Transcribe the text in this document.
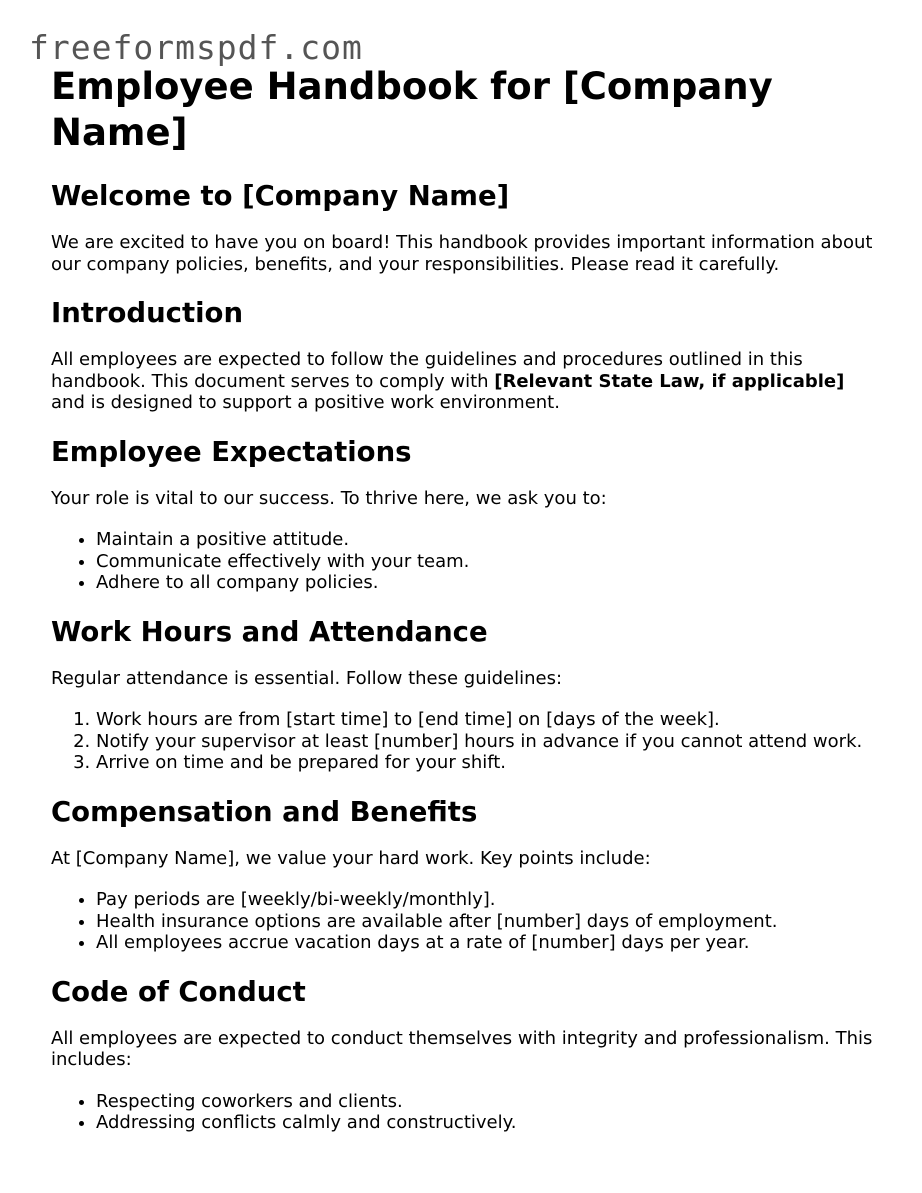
freeformspdf.com
Employee Handbook for [Company Name]
Welcome to [Company Name]

We are excited to have you on board! This handbook provides important information about our company policies, benefits, and your responsibilities. Please read it carefully.

Introduction

All employees are expected to follow the guidelines and procedures outlined in this handbook. This document serves to comply with [Relevant State Law, if applicable] and is designed to support a positive work environment.

Employee Expectations

Your role is vital to our success. To thrive here, we ask you to:

• Maintain a positive attitude.
• Communicate effectively with your team.
• Adhere to all company policies.
Work Hours and Attendance

Regular attendance is essential. Follow these guidelines:

1. Work hours are from [start time] to [end time] on [days of the week].
2. Notify your supervisor at least [number] hours in advance if you cannot attend work.
3. Arrive on time and be prepared for your shift.
Compensation and Benefits

At [Company Name], we value your hard work. Key points include:

• Pay periods are [weekly/bi-weekly/monthly].
• Health insurance options are available after [number] days of employment.
• All employees accrue vacation days at a rate of [number] days per year.
Code of Conduct

All employees are expected to conduct themselves with integrity and professionalism. This includes:

• Respecting coworkers and clients.
• Addressing conflicts calmly and constructively.
